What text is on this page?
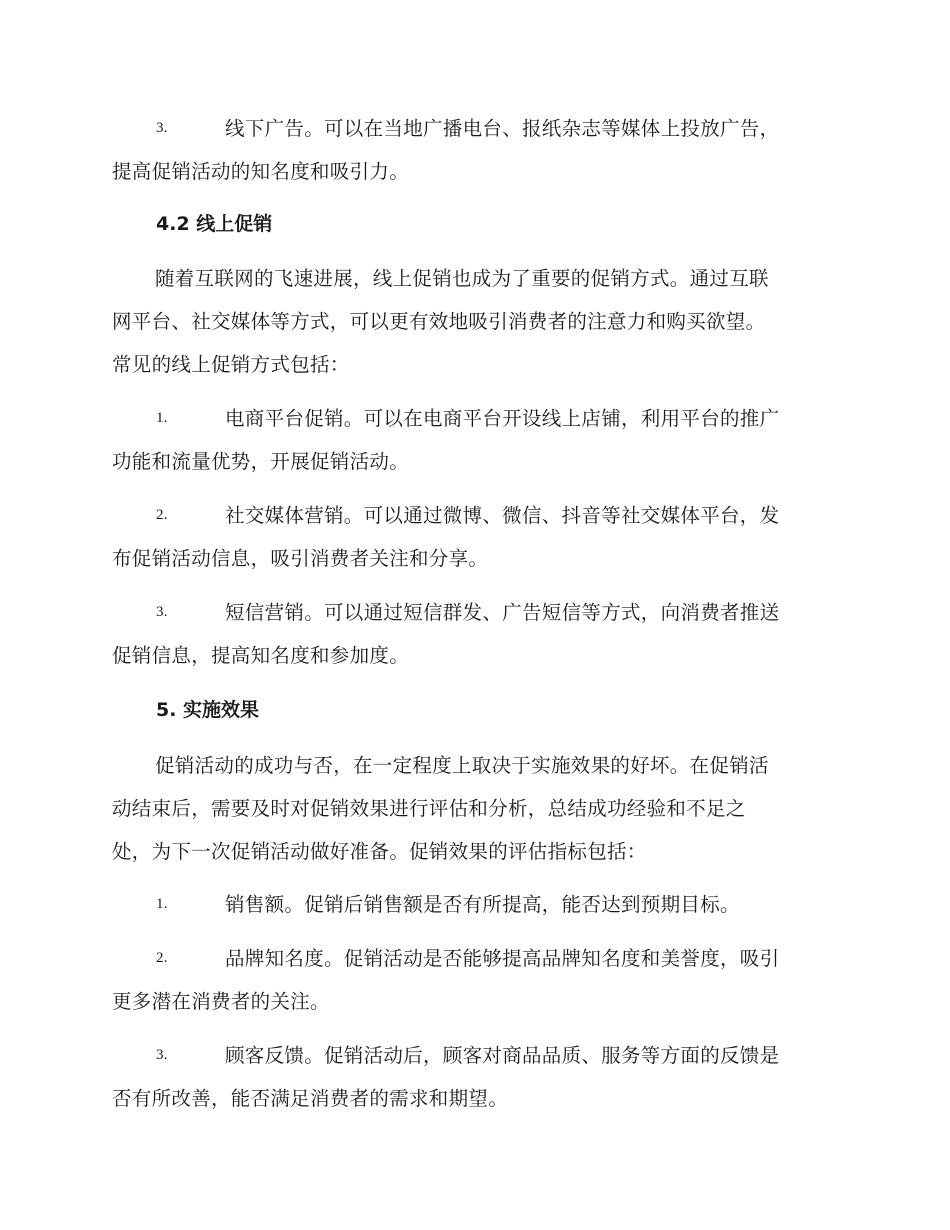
3.	线下广告。可以在当地广播电台、报纸杂志等媒体上投放广告，
提高促销活动的知名度和吸引力。
4.2 线上促销
随着互联网的飞速进展，线上促销也成为了重要的促销方式。通过互联
网平台、社交媒体等方式，可以更有效地吸引消费者的注意力和购买欲望。
常见的线上促销方式包括：
1.	电商平台促销。可以在电商平台开设线上店铺，利用平台的推广
功能和流量优势，开展促销活动。
2.	社交媒体营销。可以通过微博、微信、抖音等社交媒体平台，发
布促销活动信息，吸引消费者关注和分享。
3.	短信营销。可以通过短信群发、广告短信等方式，向消费者推送
促销信息，提高知名度和参加度。
5. 实施效果
促销活动的成功与否，在一定程度上取决于实施效果的好坏。在促销活
动结束后，需要及时对促销效果进行评估和分析，总结成功经验和不足之
处，为下一次促销活动做好准备。促销效果的评估指标包括：
1.	销售额。促销后销售额是否有所提高，能否达到预期目标。
2.	品牌知名度。促销活动是否能够提高品牌知名度和美誉度，吸引
更多潜在消费者的关注。
3.	顾客反馈。促销活动后，顾客对商品品质、服务等方面的反馈是
否有所改善，能否满足消费者的需求和期望。
